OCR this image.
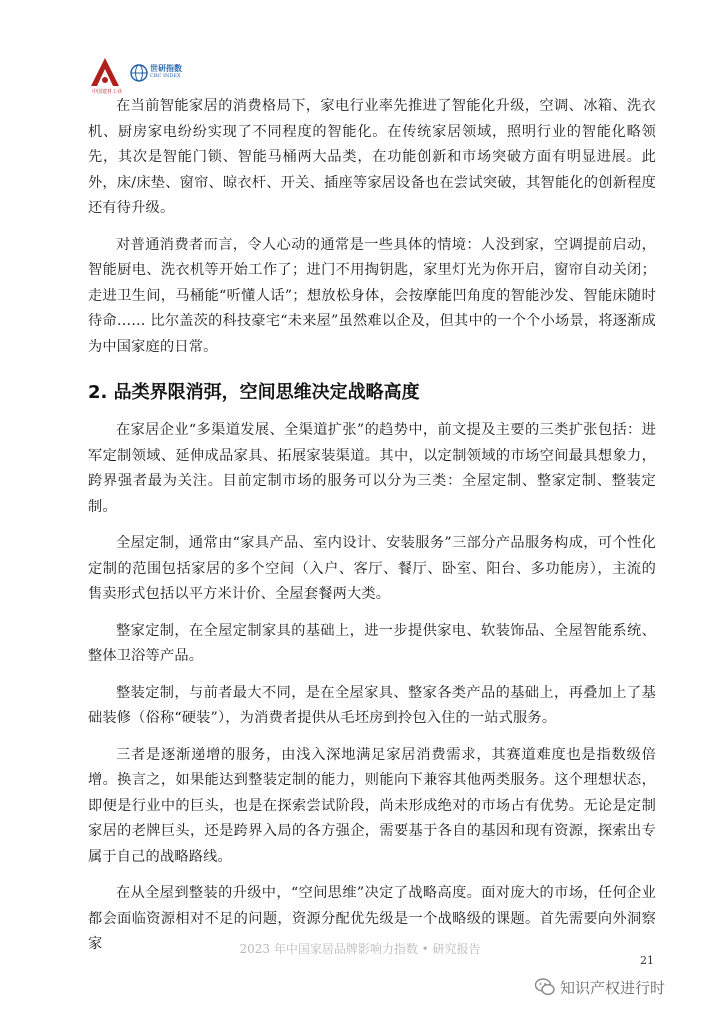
中国建材工业
世研指数
CRC INDEX

在当前智能家居的消费格局下，家电行业率先推进了智能化升级，空调、冰箱、洗衣机、厨房家电纷纷实现了不同程度的智能化。在传统家居领域，照明行业的智能化略领先，其次是智能门锁、智能马桶两大品类，在功能创新和市场突破方面有明显进展。此外，床/床垫、窗帘、晾衣杆、开关、插座等家居设备也在尝试突破，其智能化的创新程度还有待升级。

对普通消费者而言，令人心动的通常是一些具体的情境：人没到家，空调提前启动，智能厨电、洗衣机等开始工作了；进门不用掏钥匙，家里灯光为你开启，窗帘自动关闭；走进卫生间，马桶能“听懂人话”；想放松身体，会按摩能凹角度的智能沙发、智能床随时待命…… 比尔盖茨的科技豪宅“未来屋”虽然难以企及，但其中的一个个小场景，将逐渐成为中国家庭的日常。

2. 品类界限消弭，空间思维决定战略高度

在家居企业“多渠道发展、全渠道扩张”的趋势中，前文提及主要的三类扩张包括：进军定制领域、延伸成品家具、拓展家装渠道。其中，以定制领域的市场空间最具想象力，跨界强者最为关注。目前定制市场的服务可以分为三类：全屋定制、整家定制、整装定制。

全屋定制，通常由“家具产品、室内设计、安装服务”三部分产品服务构成，可个性化定制的范围包括家居的多个空间（入户、客厅、餐厅、卧室、阳台、多功能房），主流的售卖形式包括以平方米计价、全屋套餐两大类。

整家定制，在全屋定制家具的基础上，进一步提供家电、软装饰品、全屋智能系统、整体卫浴等产品。

整装定制，与前者最大不同，是在全屋家具、整家各类产品的基础上，再叠加上了基础装修（俗称“硬装”），为消费者提供从毛坯房到拎包入住的一站式服务。

三者是逐渐递增的服务，由浅入深地满足家居消费需求，其赛道难度也是指数级倍增。换言之，如果能达到整装定制的能力，则能向下兼容其他两类服务。这个理想状态，即便是行业中的巨头，也是在探索尝试阶段，尚未形成绝对的市场占有优势。无论是定制家居的老牌巨头，还是跨界入局的各方强企，需要基于各自的基因和现有资源，探索出专属于自己的战略路线。

在从全屋到整装的升级中，“空间思维”决定了战略高度。面对庞大的市场，任何企业都会面临资源相对不足的问题，资源分配优先级是一个战略级的课题。首先需要向外洞察家	2023 年中国家居品牌影响力指数 • 研究报告
21
知识产权进行时
